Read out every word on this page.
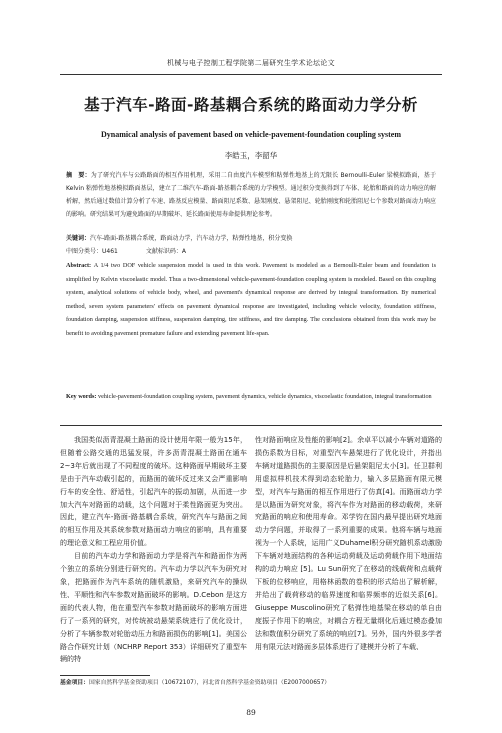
机械与电子控制工程学院第二届研究生学术论坛论文
基于汽车-路面-路基耦合系统的路面动力学分析
Dynamical analysis of pavement based on vehicle-pavement-foundation coupling system
李皓玉，李韶华
摘　要：为了研究汽车与公路路面的相互作用机理，采用二自由度汽车模型和粘弹性地基上的无限长 Bernoulli-Euler 梁模拟路面，基于 Kelvin 粘弹性地基模拟路面基层，建立了二维汽车-路面-路基耦合系统的力学模型。通过积分变换得到了车体、轮胎和路面的动力响应的解析解，然后通过数值计算分析了车速、路基反应模量、路面阻尼系数、悬架刚度、悬架阻尼、轮胎刚度和轮胎阻尼七个参数对路面动力响应的影响。研究结果可为避免路面的早期破坏、延长路面使用寿命提供理论参考。
关键词：汽车-路面-路基耦合系统，路面动力学，汽车动力学，粘弹性地基，积分变换
中图分类号：U461	文献标识码：A
Abstract: A 1/4 two DOF vehicle suspension model is used in this work. Pavement is modeled as a Bernoulli-Euler beam and foundation is simplified by Kelvin viscoelastic model. Thus a two-dimensional vehicle-pavement-foundation coupling system is modeled. Based on this coupling system, analytical solutions of vehicle body, wheel, and pavement's dynamical response are derived by integral transformation. By numerical method, seven system parameters' effects on pavement dynamical response are investigated, including vehicle velocity, foundation stiffness, foundation damping, suspension stiffness, suspension damping, tire stiffness, and tire damping. The conclusions obtained from this work may be benefit to avoiding pavement premature failure and extending pavement life-span.
Key words: vehicle-pavement-foundation coupling system, pavement dynamics, vehicle dynamics, viscoelastic foundation, integral transformation

我国类似沥青混凝土路面的设计使用年限一般为15年，但随着公路交通的迅猛发展，许多沥青混凝土路面在通车2~3年后就出现了不同程度的破坏。这种路面早期破坏主要是由于汽车动载引起的，而路面的破坏反过来又会严重影响行车的安全性、舒适性，引起汽车的振动加剧，从而进一步加大汽车对路面的动载，这个问题对于柔性路面更为突出。因此，建立汽车-路面-路基耦合系统，研究汽车与路面之间的相互作用及其系统参数对路面动力响应的影响，具有重要的理论意义和工程应用价值。

目前的汽车动力学和路面动力学是将汽车和路面作为两个独立的系统分别进行研究的。汽车动力学以汽车为研究对象，把路面作为汽车系统的随机激励，来研究汽车的操纵性、平顺性和汽车参数对路面破坏的影响。D.Cebon 是这方面的代表人物，他在重型汽车参数对路面破坏的影响方面进行了一系列的研究，对传统被动悬架系统进行了优化设计，分析了车辆参数对轮胎动压力和路面损伤的影响[1]。美国公路合作研究计划（NCHRP Report 353）详细研究了重型车辆的特

性对路面响应及性能的影响[2]。余卓平以减小车辆对道路的损伤系数为目标，对重型汽车悬架进行了优化设计，并指出车辆对道路损伤的主要原因是后悬架阻尼太小[3]。任卫群利用虚拟样机技术得到动态轮胎力，输入多层路面有限元模型，对汽车与路面的相互作用进行了仿真[4]。而路面动力学是以路面为研究对象，将汽车作为对路面的移动载荷，来研究路面的响应和使用寿命。邓学钧在国内最早提出研究地面动力学问题，并取得了一系列重要的成果。他将车辆与地面视为一个人系统，运用广义Duhamel积分研究随机系动激励下车辆对地面结构的各种运动荷载及运动荷载作用下地面结构的动力响应 [5]。Lu Sun研究了在移动的线载荷和点载荷下板的位移响应，用格林函数的卷积的形式给出了解析解，并给出了载荷移动的临界速度和临界频率的近似关系[6]。Giuseppe Muscolino研究了粘弹性地基梁在移动的单自由度振子作用下的响应，对耦合方程无量纲化后通过模态叠加法和数值积分研究了系统的响应[7]。另外，国内外很多学者用有限元法对路面多层体系进行了建模并分析了车载、

基金项目：国家自然科学基金资助项目（10672107），河北省自然科学基金资助项目（E2007000657）
89
